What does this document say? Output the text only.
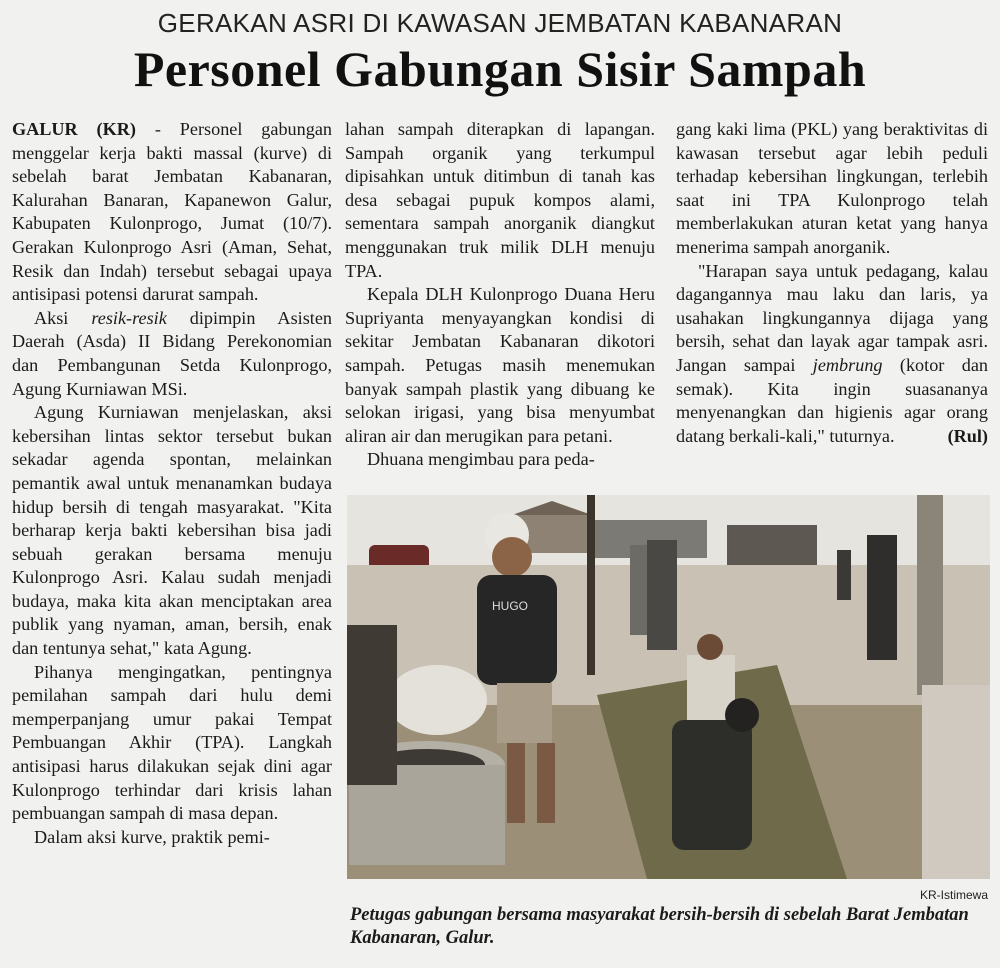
GERAKAN ASRI DI KAWASAN JEMBATAN KABANARAN
Personel Gabungan Sisir Sampah

GALUR (KR) - Personel gabungan menggelar kerja bakti massal (kurve) di sebelah barat Jembatan Kabanaran, Kalurahan Banaran, Kapanewon Galur, Kabupaten Kulonprogo, Jumat (10/7). Gerakan Kulonprogo Asri (Aman, Sehat, Resik dan Indah) tersebut sebagai upaya antisipasi potensi darurat sampah.

Aksi resik-resik dipimpin Asisten Daerah (Asda) II Bidang Perekonomian dan Pembangunan Setda Kulonprogo, Agung Kurniawan MSi.

Agung Kurniawan menjelaskan, aksi kebersihan lintas sektor tersebut bukan sekadar agenda spontan, melainkan pemantik awal untuk menanamkan budaya hidup bersih di tengah masyarakat. "Kita berharap kerja bakti kebersihan bisa jadi sebuah gerakan bersama menuju Kulonprogo Asri. Kalau sudah menjadi budaya, maka kita akan menciptakan area publik yang nyaman, aman, bersih, enak dan tentunya sehat," kata Agung.

Pihanya mengingatkan, pentingnya pemilahan sampah dari hulu demi memperpanjang umur pakai Tempat Pembuangan Akhir (TPA). Langkah antisipasi harus dilakukan sejak dini agar Kulonprogo terhindar dari krisis lahan pembuangan sampah di masa depan.

Dalam aksi kurve, praktik pemi-

lahan sampah diterapkan di lapangan. Sampah organik yang terkumpul dipisahkan untuk ditimbun di tanah kas desa sebagai pupuk kompos alami, sementara sampah anorganik diangkut menggunakan truk milik DLH menuju TPA.

Kepala DLH Kulonprogo Duana Heru Supriyanta menyayangkan kondisi di sekitar Jembatan Kabanaran dikotori sampah. Petugas masih menemukan banyak sampah plastik yang dibuang ke selokan irigasi, yang bisa menyumbat aliran air dan merugikan para petani.

Dhuana mengimbau para peda-

gang kaki lima (PKL) yang beraktivitas di kawasan tersebut agar lebih peduli terhadap kebersihan lingkungan, terlebih saat ini TPA Kulonprogo telah memberlakukan aturan ketat yang hanya menerima sampah anorganik.

"Harapan saya untuk pedagang, kalau dagangannya mau laku dan laris, ya usahakan lingkungannya dijaga yang bersih, sehat dan layak agar tampak asri. Jangan sampai jembrung (kotor dan semak). Kita ingin suasananya menyenangkan dan higienis agar orang datang berkali-kali," tuturnya.	(Rul)

HUGO
KR-Istimewa
Petugas gabungan bersama masyarakat bersih-bersih di sebelah Barat Jembatan Kabanaran, Galur.
